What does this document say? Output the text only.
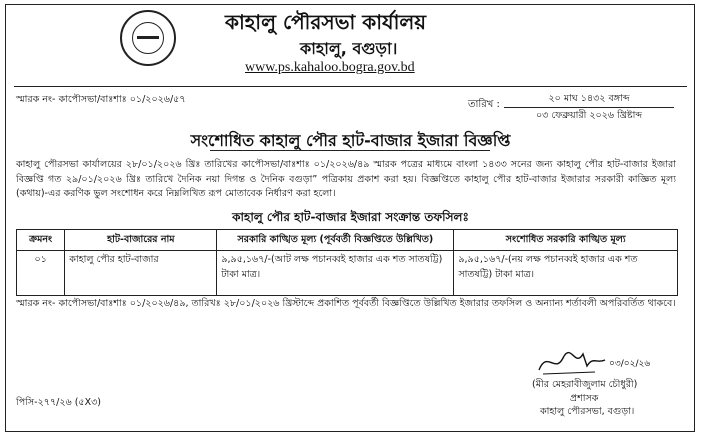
কাহালু পৌরসভা কার্যালয়
কাহালু, বগুড়া।
www.ps.kahaloo.bogra.gov.bd
স্মারক নং- কাপৌসভা/বাঃশাঃ ০১/২০২৬/৫৭	তারিখ :
২০ মাঘ ১৪৩২ বঙ্গাব্দ
০৩ ফেব্রুয়ারী ২০২৬ খ্রিষ্টাব্দ
সংশোধিত কাহালু পৌর হাট-বাজার ইজারা বিজ্ঞপ্তি
কাহালু পৌরসভা কার্যালয়ের ২৮/০১/২০২৬ খ্রিঃ তারিখের কাপৌসভা/বাঃশাঃ ০১/২০২৬/৪৯ স্মারক পত্রের মাধ্যমে বাংলা ১৪৩৩ সনের জন্য কাহালু পৌর হাট-বাজার ইজারা বিজ্ঞপ্তি গত ২৯/০১/২০২৬ খ্রিঃ তারিখে দৈনিক নয়া দিগন্ত ও দৈনিক বগুড়া” পত্রিকায় প্রকাশ করা হয়। বিজ্ঞপ্তিতে কাহালু পৌর হাট-বাজার ইজারার সরকারী কাজ্ঞিত মূল্য (কথায়)-এর করণিক ভুল সংশোধন করে নিম্নলিখিত রূপ মোতাবেক নির্ধারণ করা হলো।
কাহালু পৌর হাট-বাজার ইজারা সংক্রান্ত তফসিলঃ
ক্রমনং	হাট-বাজারের নাম	সরকারি কাঙ্খিত মূল্য (পূর্ববর্তী বিজ্ঞপ্তিতে উল্লিখিত)	সংশোধিত সরকারি কাঙ্খিত মূল্য
০১	কাহালু পৌর হাট-বাজার	৯,৯৫,১৬৭/-(আট লক্ষ পচানব্বই হাজার এক শত সাতষট্টি) টাকা মাত্র।	৯,৯৫,১৬৭/-(নয় লক্ষ পচানব্বই হাজার এক শত সাতষট্টি) টাকা মাত্র।
স্মারক নং- কাপৌসভা/বাঃশাঃ ০১/২০২৬/৪৯, তারিখঃ ২৮/০১/২০২৬ খ্রিস্টাব্দে প্রকাশিত পূর্ববর্তী বিজ্ঞপ্তিতে উল্লিখিত ইজারার তফসিল ও অন্যান্য শর্তাবলী অপরিবর্তিত থাকবে।
০৩/০২/২৬
(মীর মেহরাবীজুলাম চৌধুরী)
প্রশাসক
কাহালু পৌরসভা, বগুড়া।
পিসি-২৭৭/২৬ (৫X৩)
